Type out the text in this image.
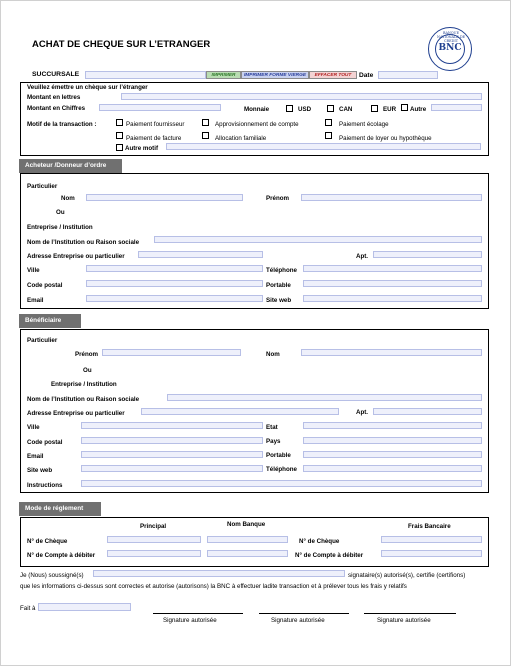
ACHAT DE CHEQUE SUR L’ETRANGER	BNC
BANQUE NATIONALE DE CREDIT
SUCCURSALE	IMPRIMER	IMPRIMER FORME VIERGE	EFFACER TOUT	Date
Veuillez émettre un chèque sur l’étranger
Montant en lettres
Montant en Chiffres	Monnaie	USD	CAN	EUR Autre
Motif de la transaction :	Paiement fournisseur	Approvisionnement de compte	Paiement écolage
Paiement de facture	Allocation familiale	Paiement de loyer ou hypothèque
Autre motif
Acheteur /Donneur d’ordre
Particulier
Nom	Prénom
Ou
Entreprise / Institution
Nom de l’Institution ou Raison sociale
Adresse Entreprise ou particulier	Apt.
Ville	Téléphone
Code postal	Portable
Email	Site web
Bénéficiaire
Particulier
Prénom	Nom
Ou
Entreprise / Institution
Nom de l’Institution ou Raison sociale
Adresse Entreprise ou particulier	Apt.
Ville	Etat
Code postal	Pays
Email	Portable
Site web	Téléphone
Instructions
Mode de réglement
Principal	Nom Banque	Frais Bancaire
N° de Chèque	N° de Chèque
N° de Compte à débiter	N° de Compte à débiter
Je (Nous) soussigné(s)	signataire(s) autorisé(s), certifie (certifions)
que les informations ci-dessus sont correctes et autorise (autorisons) la BNC à effectuer ladite transaction et à prélever tous les frais y relatifs
Fait à
Signature autorisée	Signature autorisée	Signature autorisée
